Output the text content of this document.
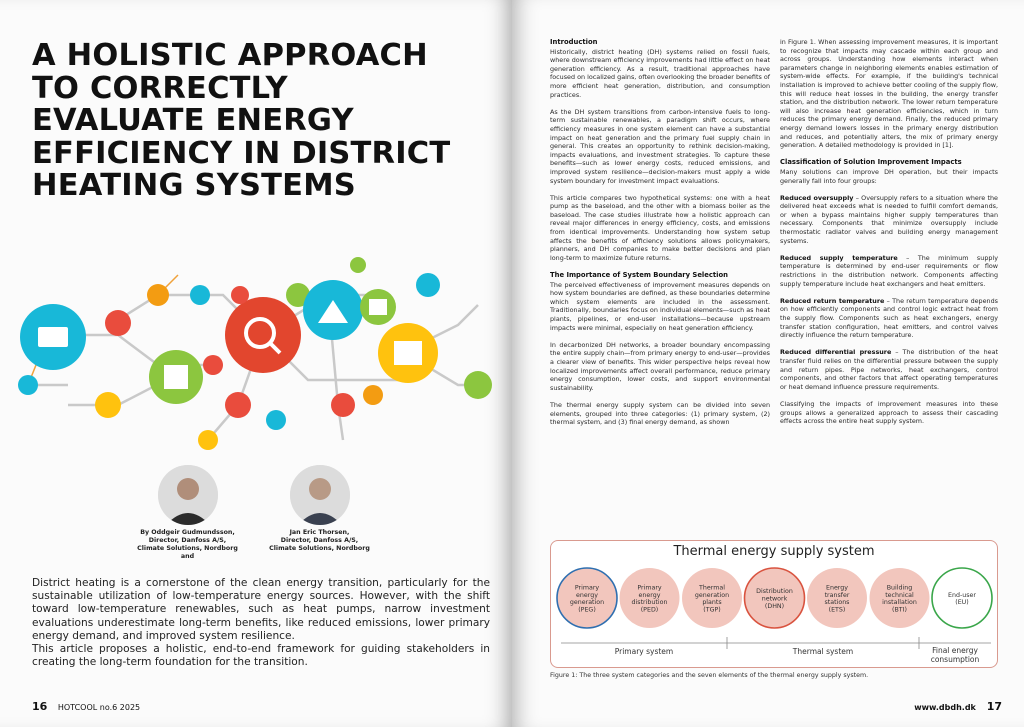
A HOLISTIC APPROACH TO CORRECTLY EVALUATE ENERGY EFFICIENCY IN DISTRICT HEATING SYSTEMS
By Oddgeir Gudmundsson,
Director, Danfoss A/S,
Climate Solutions, Nordborg
and
Jan Eric Thorsen,
Director, Danfoss A/S,
Climate Solutions, Nordborg

District heating is a cornerstone of the clean energy transition, particularly for the sustainable utilization of low-temperature energy sources. However, with the shift toward low-temperature renewables, such as heat pumps, narrow investment evaluations underestimate long-term benefits, like reduced emissions, lower primary energy demand, and improved system resilience.

This article proposes a holistic, end-to-end framework for guiding stakeholders in creating the long-term foundation for the transition.

16 HOTCOOL no.6 2025
Introduction

Historically, district heating (DH) systems relied on fossil fuels, where downstream efficiency improvements had little effect on heat generation efficiency. As a result, traditional approaches have focused on localized gains, often overlooking the broader benefits of more efficient heat generation, distribution, and consumption practices.

As the DH system transitions from carbon-intensive fuels to long-term sustainable renewables, a paradigm shift occurs, where efficiency measures in one system element can have a substantial impact on heat generation and the primary fuel supply chain in general. This creates an opportunity to rethink decision-making, impacts evaluations, and investment strategies. To capture these benefits—such as lower energy costs, reduced emissions, and improved system resilience—decision-makers must apply a wide system boundary for investment impact evaluations.

This article compares two hypothetical systems: one with a heat pump as the baseload, and the other with a biomass boiler as the baseload. The case studies illustrate how a holistic approach can reveal major differences in energy efficiency, costs, and emissions from identical improvements. Understanding how system setup affects the benefits of efficiency solutions allows policymakers, planners, and DH companies to make better decisions and plan long-term to maximize future returns.

The Importance of System Boundary Selection

The perceived effectiveness of improvement measures depends on how system boundaries are defined, as these boundaries determine which system elements are included in the assessment. Traditionally, boundaries focus on individual elements—such as heat plants, pipelines, or end-user installations—because upstream impacts were minimal, especially on heat generation efficiency.

In decarbonized DH networks, a broader boundary encompassing the entire supply chain—from primary energy to end-user—provides a clearer view of benefits. This wider perspective helps reveal how localized improvements affect overall performance, reduce primary energy consumption, lower costs, and support environmental sustainability.

The thermal energy supply system can be divided into seven elements, grouped into three categories: (1) primary system, (2) thermal system, and (3) final energy demand, as shown

in Figure 1. When assessing improvement measures, it is important to recognize that impacts may cascade within each group and across groups. Understanding how elements interact when parameters change in neighboring elements enables estimation of system-wide effects. For example, if the building's technical installation is improved to achieve better cooling of the supply flow, this will reduce heat losses in the building, the energy transfer station, and the distribution network. The lower return temperature will also increase heat generation efficiencies, which in turn reduces the primary energy demand. Finally, the reduced primary energy demand lowers losses in the primary energy distribution and reduces, and potentially alters, the mix of primary energy generation. A detailed methodology is provided in [1].

Classification of Solution Improvement Impacts

Many solutions can improve DH operation, but their impacts generally fall into four groups:

Reduced oversupply – Oversupply refers to a situation where the delivered heat exceeds what is needed to fulfill comfort demands, or when a bypass maintains higher supply temperatures than necessary. Components that minimize oversupply include thermostatic radiator valves and building energy management systems.

Reduced supply temperature – The minimum supply temperature is determined by end-user requirements or flow restrictions in the distribution network. Components affecting supply temperature include heat exchangers and heat emitters.

Reduced return temperature – The return temperature depends on how efficiently components and control logic extract heat from the supply flow. Components such as heat exchangers, energy transfer station configuration, heat emitters, and control valves directly influence the return temperature.

Reduced differential pressure – The distribution of the heat transfer fluid relies on the differential pressure between the supply and return pipes. Pipe networks, heat exchangers, control components, and other factors that affect operating temperatures or heat demand influence pressure requirements.

Classifying the impacts of improvement measures into these groups allows a generalized approach to assess their cascading effects across the entire heat supply system.

Thermal energy supply system
Primary
energy
generation
(PEG)
Primary
energy
distribution
(PED)
Thermal
generation
plants
(TGP)
Distribution
network
(DHN)
Energy
transfer
stations
(ETS)
Building
technical
installation
(BTI)
End-user
(EU)
Primary system	Thermal system	Final energy
consumption
Figure 1: The three system categories and the seven elements of the thermal energy supply system.
www.dbdh.dk 17
